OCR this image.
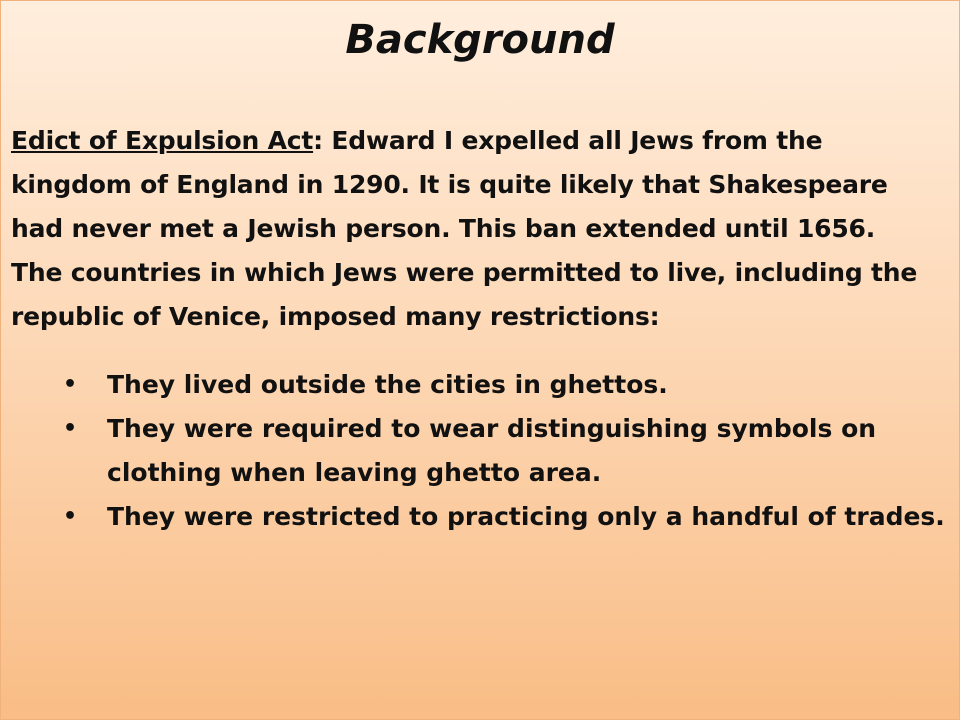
Background

Edict of Expulsion Act: Edward I expelled all Jews from the kingdom of England in 1290. It is quite likely that Shakespeare had never met a Jewish person. This ban extended until 1656.

The countries in which Jews were permitted to live, including the republic of Venice, imposed many restrictions:

• They lived outside the cities in ghettos.
• They were required to wear distinguishing symbols on clothing when leaving ghetto area.
• They were restricted to practicing only a handful of trades.
